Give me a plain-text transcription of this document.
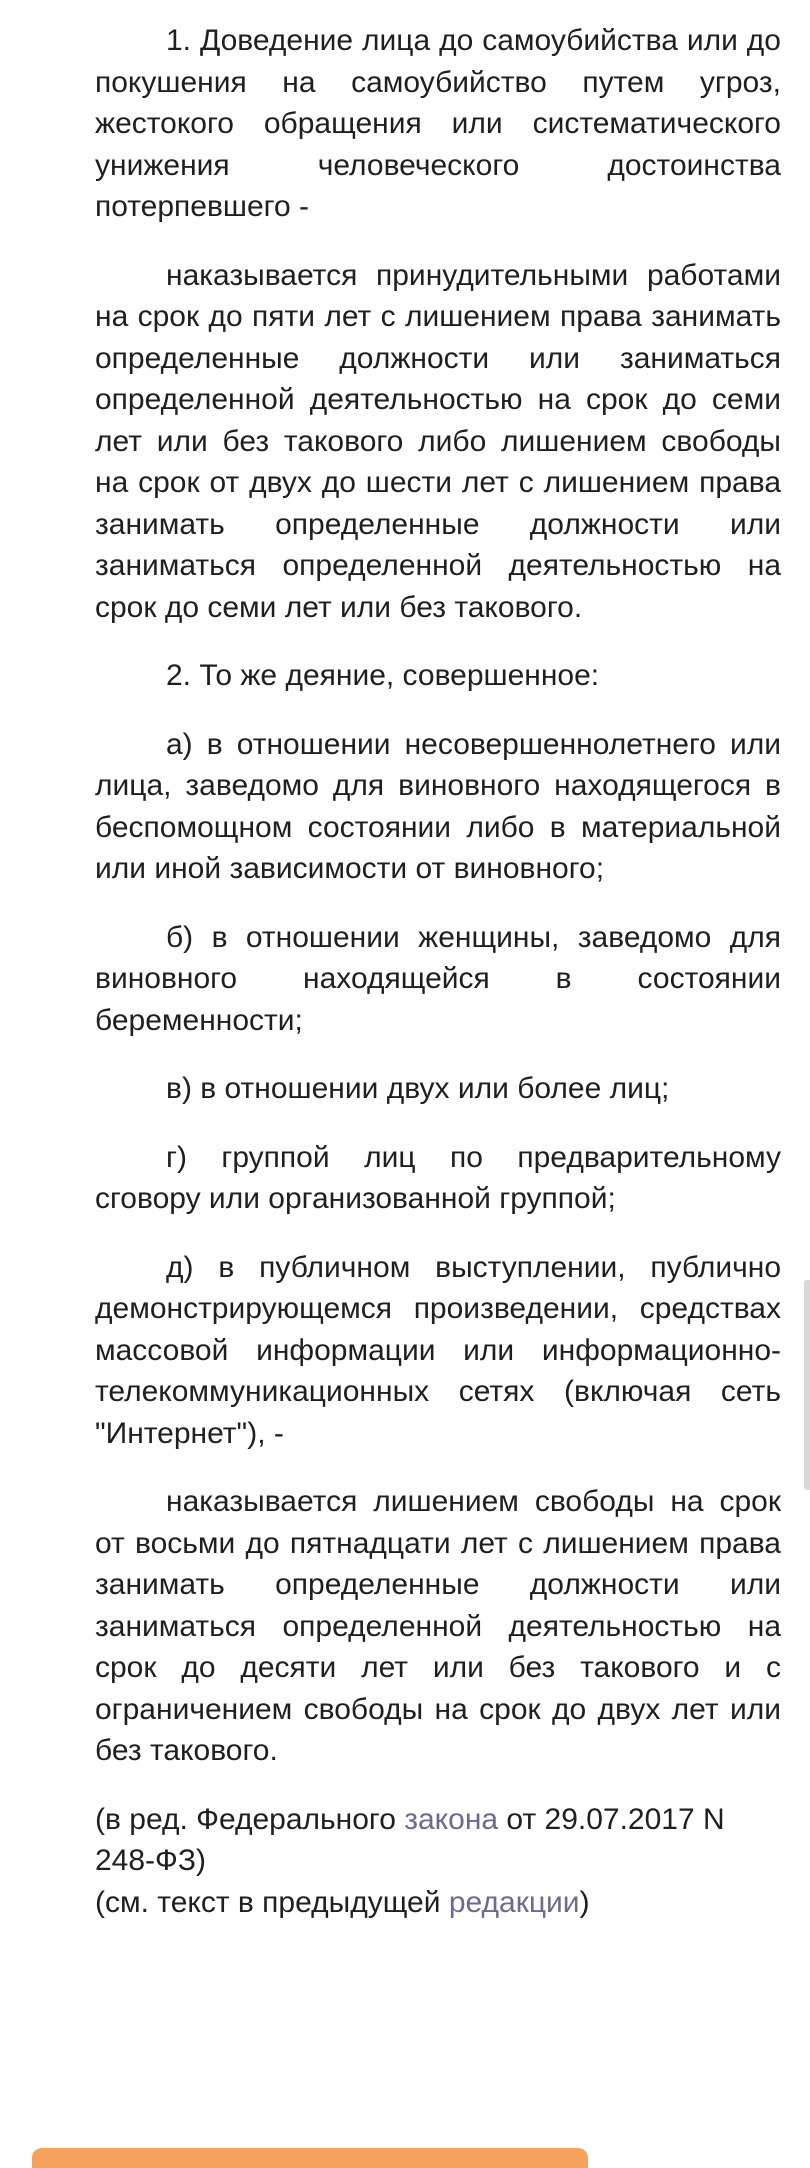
1. Доведение лица до самоубийства или до покушения на самоубийство путем угроз, жестокого обращения или систематического унижения человеческого достоинства потерпевшего -

наказывается принудительными работами на срок до пяти лет с лишением права занимать определенные должности или заниматься определенной деятельностью на срок до семи лет или без такового либо лишением свободы на срок от двух до шести лет с лишением права занимать определенные должности или заниматься определенной деятельностью на срок до семи лет или без такового.

2. То же деяние, совершенное:

а) в отношении несовершеннолетнего или лица, заведомо для виновного находящегося в беспомощном состоянии либо в материальной или иной зависимости от виновного;

б) в отношении женщины, заведомо для виновного находящейся в состоянии беременности;

в) в отношении двух или более лиц;

г) группой лиц по предварительному сговору или организованной группой;

д) в публичном выступлении, публично демонстрирующемся произведении, средствах массовой информации или информационно-телекоммуникационных сетях (включая сеть "Интернет"), -

наказывается лишением свободы на срок от восьми до пятнадцати лет с лишением права занимать определенные должности или заниматься определенной деятельностью на срок до десяти лет или без такового и с ограничением свободы на срок до двух лет или без такового.

(в ред. Федерального закона от 29.07.2017 N 248-ФЗ)

(см. текст в предыдущей редакции)
